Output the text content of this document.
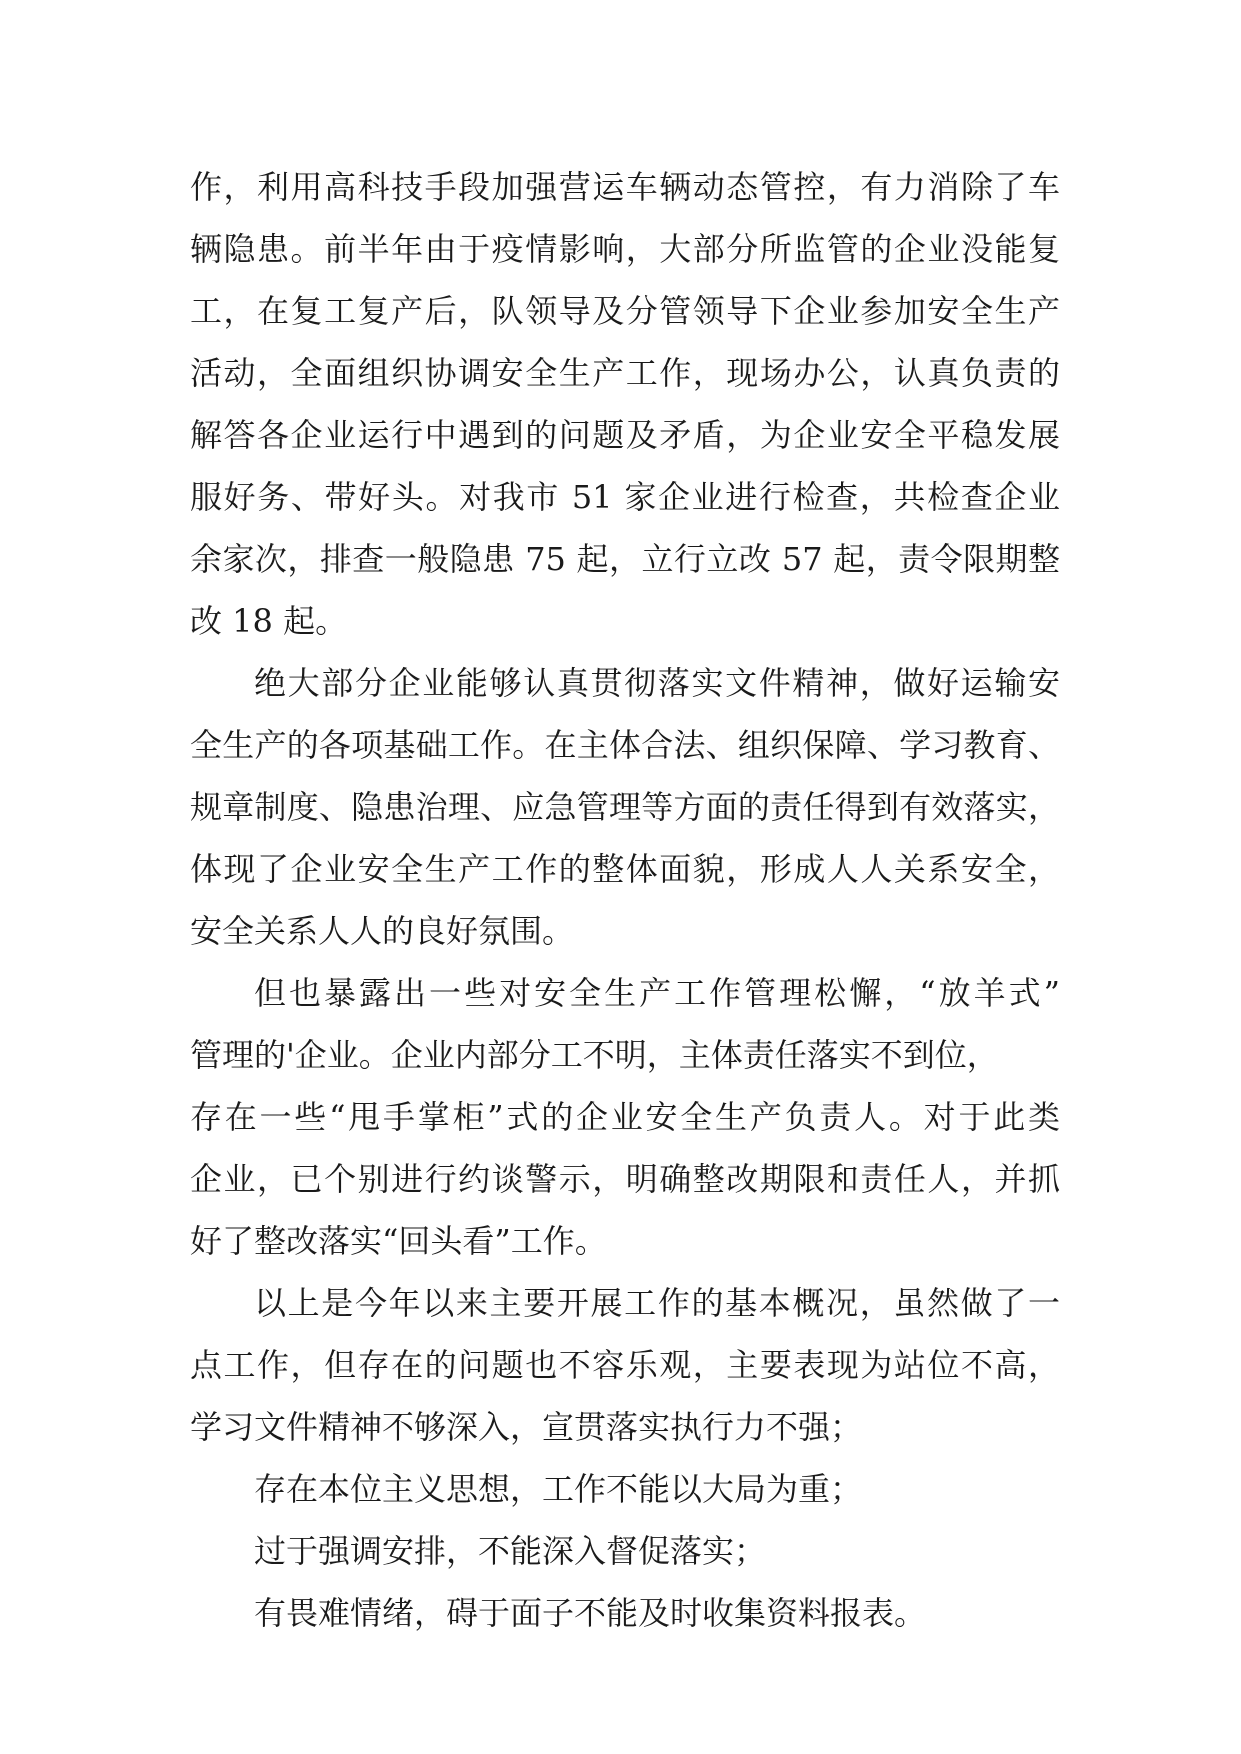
作，利用高科技手段加强营运车辆动态管控，有力消除了车
辆隐患。前半年由于疫情影响，大部分所监管的企业没能复
工，在复工复产后，队领导及分管领导下企业参加安全生产
活动，全面组织协调安全生产工作，现场办公，认真负责的
解答各企业运行中遇到的问题及矛盾，为企业安全平稳发展
服好务、带好头。对我市 51 家企业进行检查，共检查企业
余家次，排查一般隐患 75 起，立行立改 57 起，责令限期整
改 18 起。
绝大部分企业能够认真贯彻落实文件精神，做好运输安
全生产的各项基础工作。在主体合法、组织保障、学习教育、
规章制度、隐患治理、应急管理等方面的责任得到有效落实，
体现了企业安全生产工作的整体面貌，形成人人关系安全，
安全关系人人的良好氛围。
但也暴露出一些对安全生产工作管理松懈，“放羊式”
管理的'企业。企业内部分工不明，主体责任落实不到位，
存在一些“甩手掌柜”式的企业安全生产负责人。对于此类
企业，已个别进行约谈警示，明确整改期限和责任人，并抓
好了整改落实“回头看”工作。
以上是今年以来主要开展工作的基本概况，虽然做了一
点工作，但存在的问题也不容乐观，主要表现为站位不高，
学习文件精神不够深入，宣贯落实执行力不强；
存在本位主义思想，工作不能以大局为重；
过于强调安排，不能深入督促落实；
有畏难情绪，碍于面子不能及时收集资料报表。
